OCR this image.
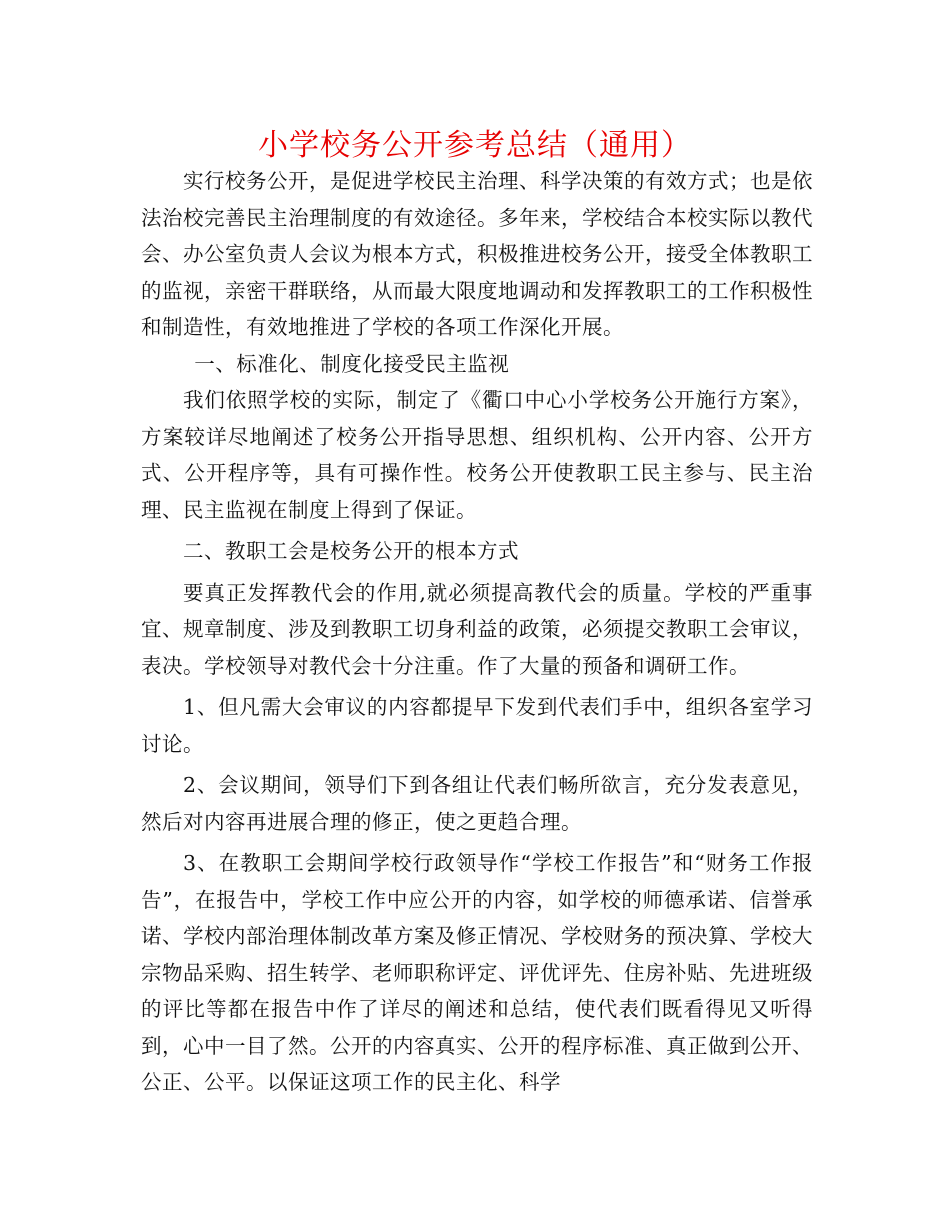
小学校务公开参考总结（通用）

实行校务公开，是促进学校民主治理、科学决策的有效方式；也是依法治校完善民主治理制度的有效途径。多年来，学校结合本校实际以教代会、办公室负责人会议为根本方式，积极推进校务公开，接受全体教职工的监视，亲密干群联络，从而最大限度地调动和发挥教职工的工作积极性和制造性，有效地推进了学校的各项工作深化开展。

一、标准化、制度化接受民主监视

我们依照学校的实际，制定了《衢口中心小学校务公开施行方案》，方案较详尽地阐述了校务公开指导思想、组织机构、公开内容、公开方式、公开程序等，具有可操作性。校务公开使教职工民主参与、民主治理、民主监视在制度上得到了保证。

二、教职工会是校务公开的根本方式

要真正发挥教代会的作用,就必须提高教代会的质量。学校的严重事宜、规章制度、涉及到教职工切身利益的政策，必须提交教职工会审议，表决。学校领导对教代会十分注重。作了大量的预备和调研工作。

1、但凡需大会审议的内容都提早下发到代表们手中，组织各室学习讨论。

2、会议期间，领导们下到各组让代表们畅所欲言，充分发表意见，然后对内容再进展合理的修正，使之更趋合理。

3、在教职工会期间学校行政领导作“学校工作报告”和“财务工作报告”，在报告中，学校工作中应公开的内容，如学校的师德承诺、信誉承诺、学校内部治理体制改革方案及修正情况、学校财务的预决算、学校大宗物品采购、招生转学、老师职称评定、评优评先、住房补贴、先进班级的评比等都在报告中作了详尽的阐述和总结，使代表们既看得见又听得到，心中一目了然。公开的内容真实、公开的程序标准、真正做到公开、公正、公平。以保证这项工作的民主化、科学
